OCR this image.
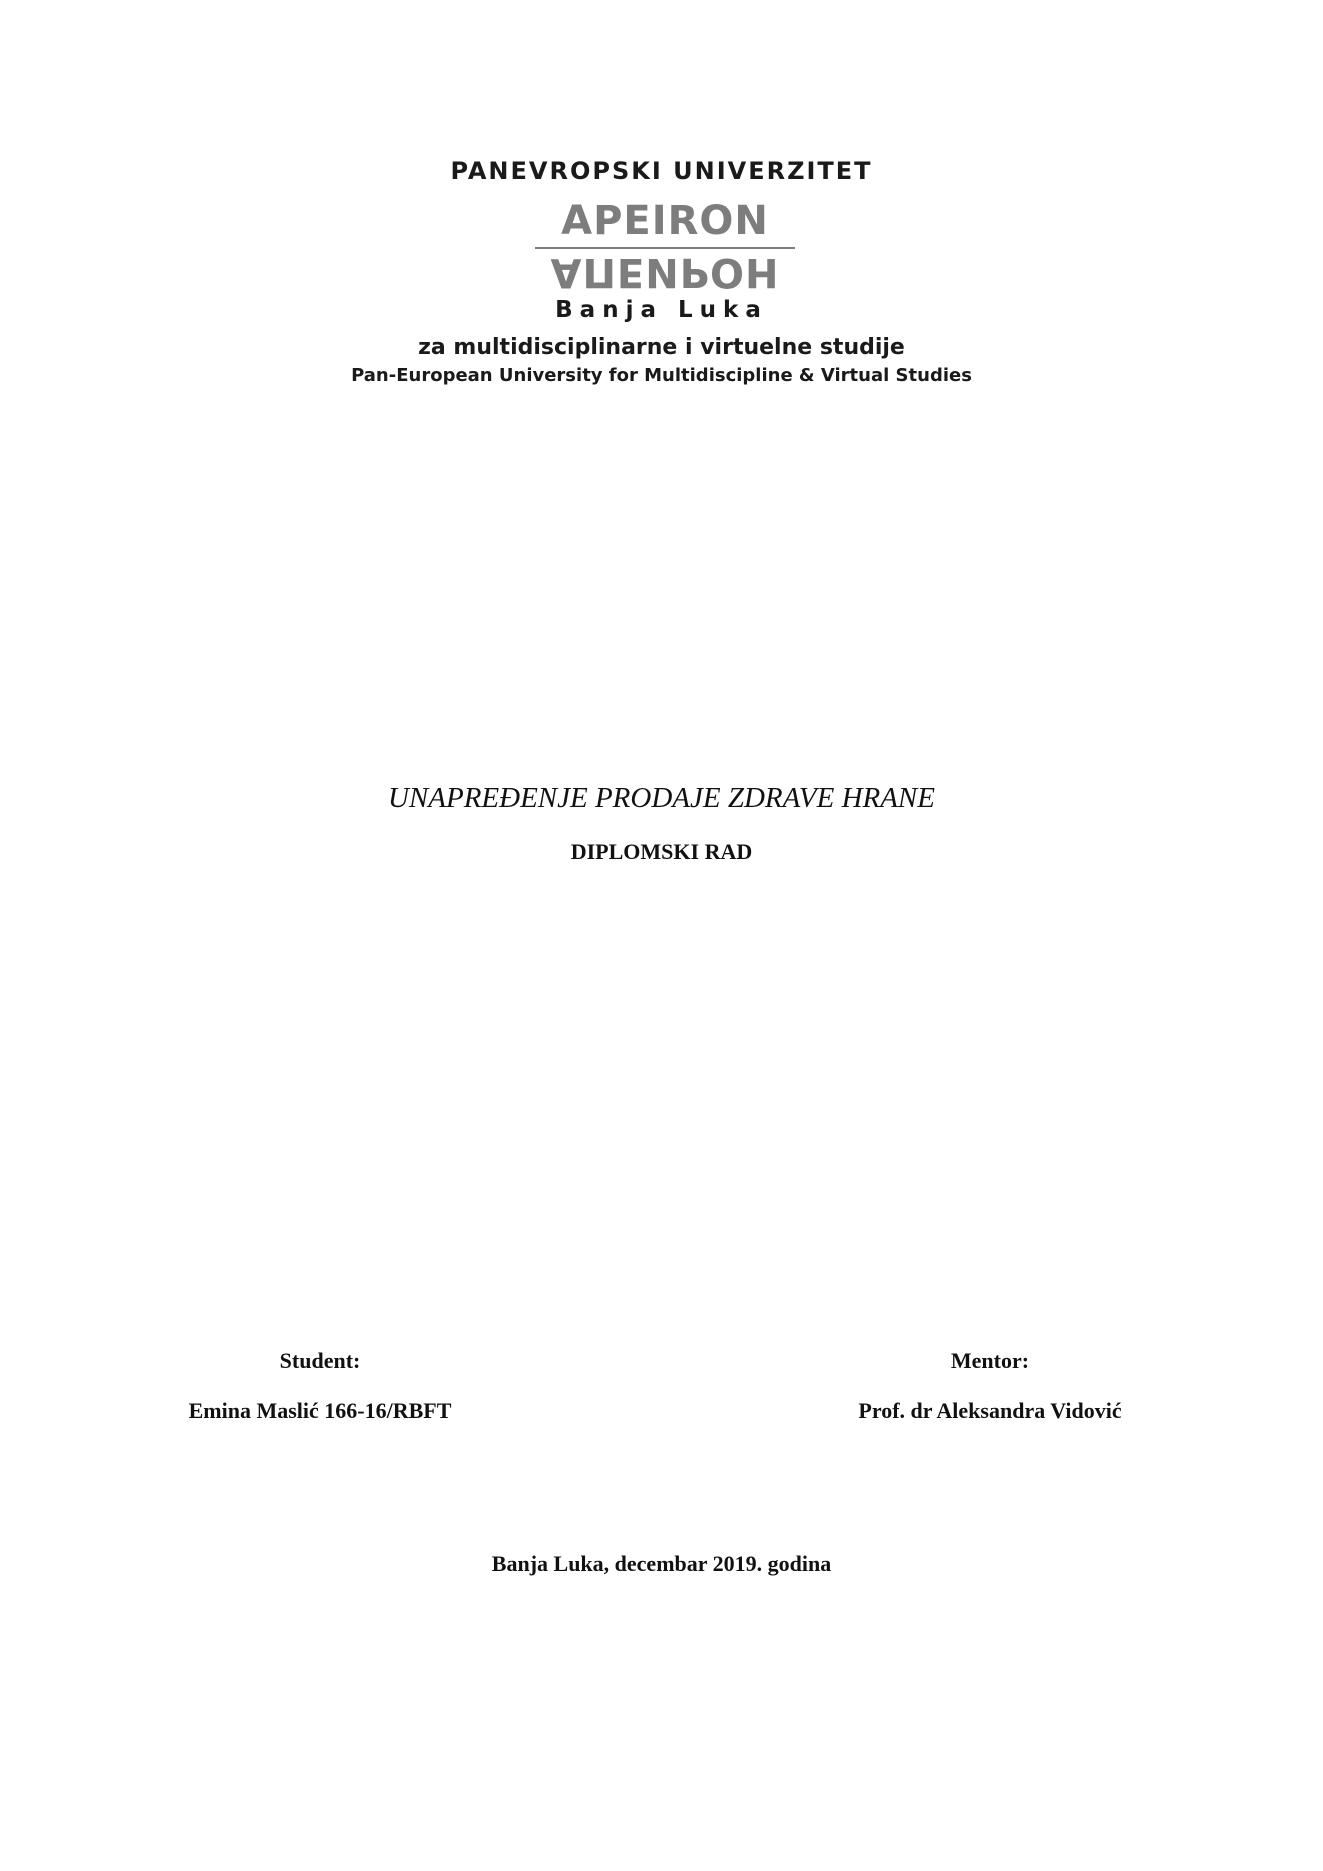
PANEVROPSKI UNIVERZITET
APEIRON
АПЕИРОН
Banja Luka
za multidisciplinarne i virtuelne studije
Pan-European University for Multidiscipline & Virtual Studies
UNAPREĐENJE PRODAJE ZDRAVE HRANE
DIPLOMSKI RAD
Student:
Emina Maslić 166-16/RBFT
Mentor:
Prof. dr Aleksandra Vidović
Banja Luka, decembar 2019. godina
